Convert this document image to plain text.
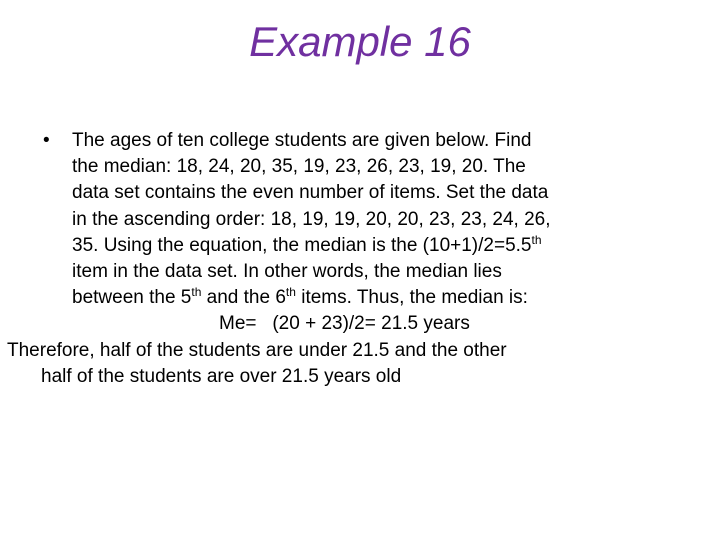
Example 16
• The ages of ten college students are given below. Find
the median: 18, 24, 20, 35, 19, 23, 26, 23, 19, 20. The
data set contains the even number of items. Set the data
in the ascending order: 18, 19, 19, 20, 20, 23, 23, 24, 26,
35. Using the equation, the median is the (10+1)/2=5.5th
item in the data set. In other words, the median lies
between the 5th and the 6th items. Thus, the median is:
Me=   (20 + 23)/2= 21.5 years
Therefore, half of the students are under 21.5 and the other
half of the students are over 21.5 years old
